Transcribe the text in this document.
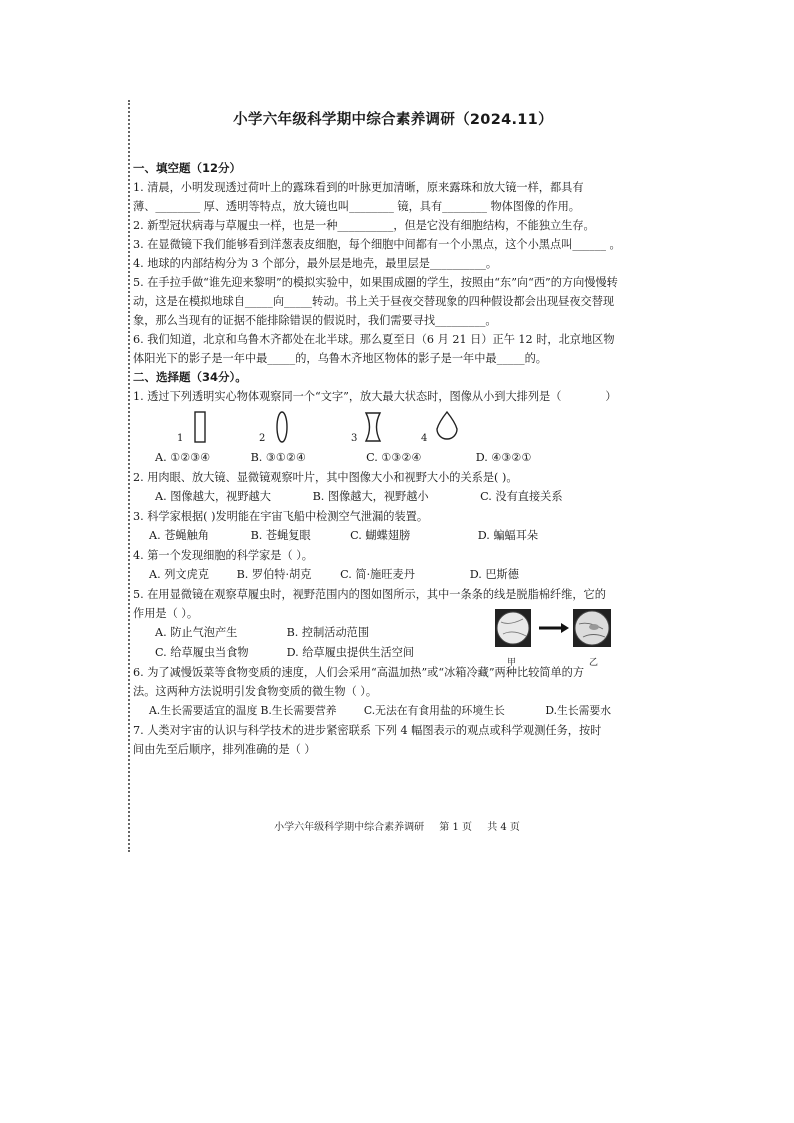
小学六年级科学期中综合素养调研（2024.11）

一、填空题（12分）

1. 清晨，小明发现透过荷叶上的露珠看到的叶脉更加清晰，原来露珠和放大镜一样，都具有

薄、________ 厚、透明等特点，放大镜也叫________ 镜，具有________ 物体图像的作用。

2. 新型冠状病毒与草履虫一样，也是一种__________，但是它没有细胞结构，不能独立生存。

3. 在显微镜下我们能够看到洋葱表皮细胞，每个细胞中间都有一个小黑点，这个小黑点叫______ 。

4. 地球的内部结构分为 3 个部分，最外层是地壳，最里层是__________。

5. 在手拉手做“谁先迎来黎明”的模拟实验中，如果围成圈的学生，按照由“东”向“西”的方向慢慢转

动，这是在模拟地球自_____向_____转动。书上关于昼夜交替现象的四种假设都会出现昼夜交替现

象，那么当现有的证据不能排除错误的假说时，我们需要寻找_________。

6. 我们知道，北京和乌鲁木齐都处在北半球。那么夏至日（6 月 21 日）正午 12 时，北京地区物

体阳光下的影子是一年中最_____的，乌鲁木齐地区物体的影子是一年中最_____的。

二、选择题（34分）。

1. 透过下列透明实心物体观察同一个“文字”，放大最大状态时，图像从小到大排列是（	）

1	2	3	4

A. ①②③④	B. ③①②④	C. ①③②④	D. ④③②①

2. 用肉眼、放大镜、显微镜观察叶片，其中图像大小和视野大小的关系是( )。

A. 图像越大，视野越大	B. 图像越大，视野越小	C. 没有直接关系

3. 科学家根据( )发明能在宇宙飞船中检测空气泄漏的装置。

A. 苍蝇触角	B. 苍蝇复眼	C. 蝴蝶翅膀	D. 蝙蝠耳朵

4. 第一个发现细胞的科学家是（ ）。

A. 列文虎克 B. 罗伯特·胡克	C. 简·施旺麦丹	D. 巴斯德

5. 在用显微镜在观察草履虫时，视野范围内的图如图所示，其中一条条的线是脱脂棉纤维，它的

作用是（ ）。

A. 防止气泡产生	B. 控制活动范围

C. 给草履虫当食物	D. 给草履虫提供生活空间

甲	乙

6. 为了减慢饭菜等食物变质的速度，人们会采用“高温加热”或“冰箱冷藏”两种比较简单的方

法。这两种方法说明引发食物变质的微生物（ ）。

A.生长需要适宜的温度 B.生长需要营养	C.无法在有食用盐的环境生长	D.生长需要水

7. 人类对宇宙的认识与科学技术的进步紧密联系 下列 4 幅图表示的观点或科学观测任务，按时

间由先至后顺序，排列准确的是（ ）

小学六年级科学期中综合素养调研 第 1 页 共 4 页
